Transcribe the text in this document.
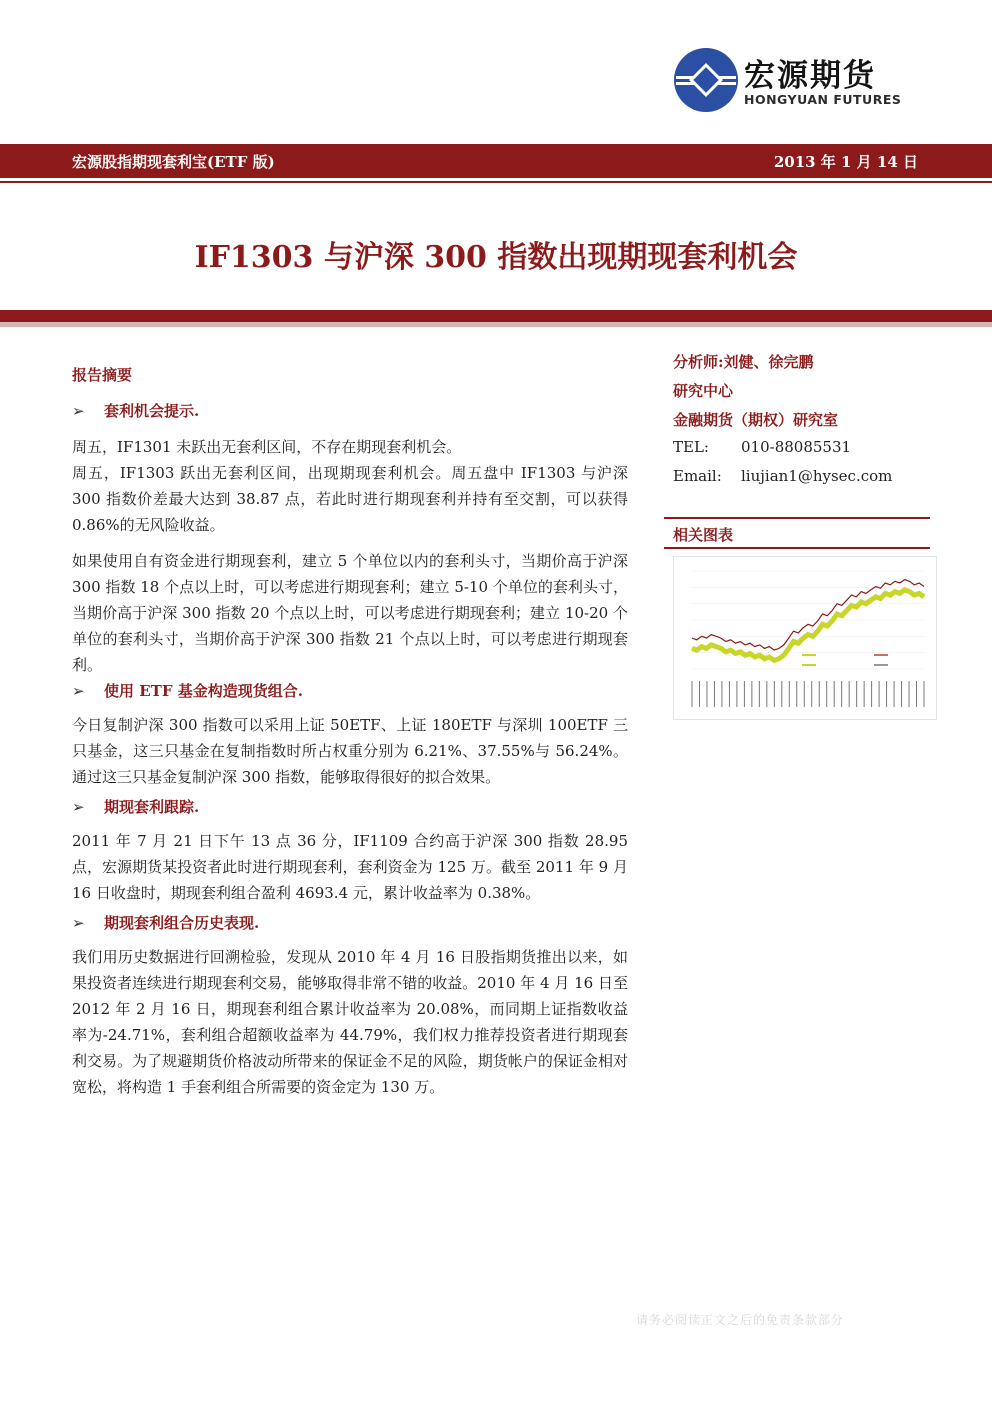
宏源期货
HONGYUAN FUTURES
宏源股指期现套利宝(ETF 版)	2013 年 1 月 14 日
IF1303 与沪深 300 指数出现期现套利机会
报告摘要
➢ 套利机会提示.
周五，IF1301 未跃出无套利区间，不存在期现套利机会。
周五，IF1303 跃出无套利区间，出现期现套利机会。周五盘中 IF1303 与沪深 300 指数价差最大达到 38.87 点，若此时进行期现套利并持有至交割，可以获得 0.86%的无风险收益。
如果使用自有资金进行期现套利，建立 5 个单位以内的套利头寸，当期价高于沪深 300 指数 18 个点以上时，可以考虑进行期现套利；建立 5-10 个单位的套利头寸，当期价高于沪深 300 指数 20 个点以上时，可以考虑进行期现套利；建立 10-20 个单位的套利头寸，当期价高于沪深 300 指数 21 个点以上时，可以考虑进行期现套利。
➢ 使用 ETF 基金构造现货组合.
今日复制沪深 300 指数可以采用上证 50ETF、上证 180ETF 与深圳 100ETF 三只基金，这三只基金在复制指数时所占权重分别为 6.21%、37.55%与 56.24%。通过这三只基金复制沪深 300 指数，能够取得很好的拟合效果。
➢ 期现套利跟踪.
2011 年 7 月 21 日下午 13 点 36 分，IF1109 合约高于沪深 300 指数 28.95 点，宏源期货某投资者此时进行期现套利，套利资金为 125 万。截至 2011 年 9 月 16 日收盘时，期现套利组合盈利 4693.4 元，累计收益率为 0.38%。
➢ 期现套利组合历史表现.
我们用历史数据进行回溯检验，发现从 2010 年 4 月 16 日股指期货推出以来，如果投资者连续进行期现套利交易，能够取得非常不错的收益。2010 年 4 月 16 日至 2012 年 2 月 16 日，期现套利组合累计收益率为 20.08%，而同期上证指数收益率为-24.71%，套利组合超额收益率为 44.79%，我们权力推荐投资者进行期现套利交易。为了规避期货价格波动所带来的保证金不足的风险，期货帐户的保证金相对宽松，将构造 1 手套利组合所需要的资金定为 130 万。
分析师:刘健、徐完鹏
研究中心
金融期货（期权）研究室
TEL: 010-88085531
Email: liujian1@hysec.com
相关图表
请务必阅读正文之后的免责条款部分
